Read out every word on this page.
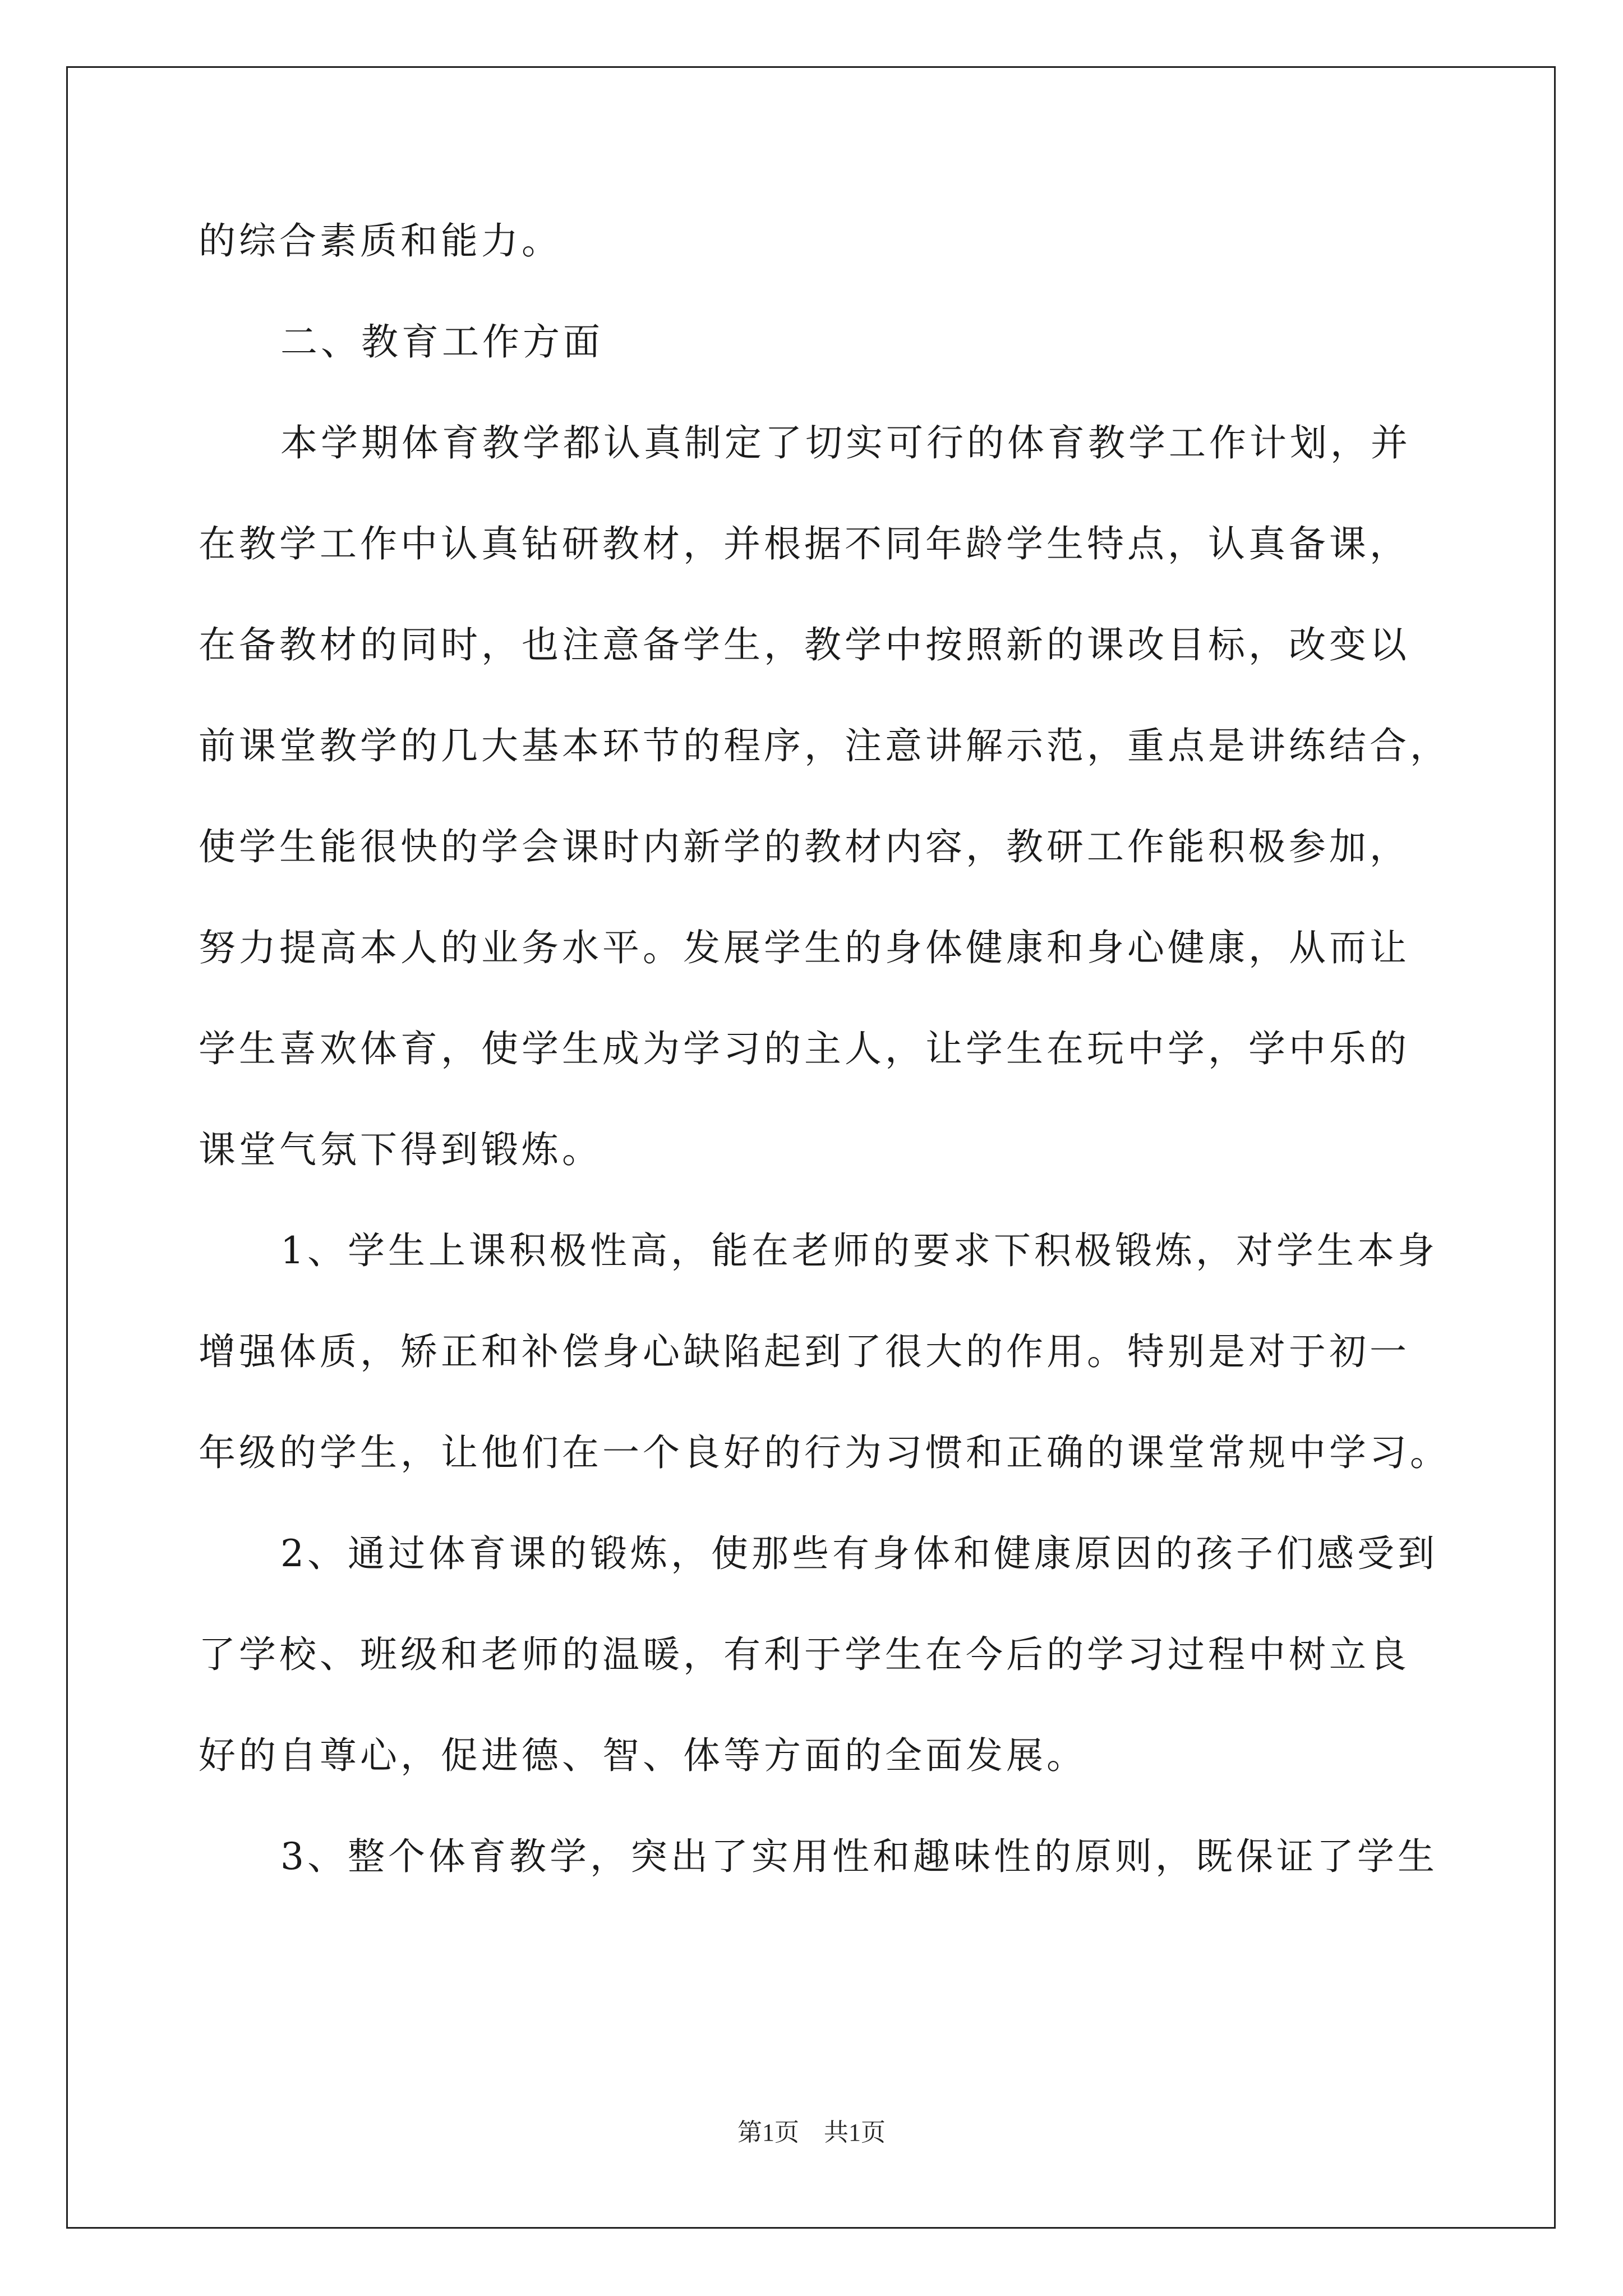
的综合素质和能力。
二、教育工作方面
本学期体育教学都认真制定了切实可行的体育教学工作计划，并
在教学工作中认真钻研教材，并根据不同年龄学生特点，认真备课，
在备教材的同时，也注意备学生，教学中按照新的课改目标，改变以
前课堂教学的几大基本环节的程序，注意讲解示范，重点是讲练结合，
使学生能很快的学会课时内新学的教材内容，教研工作能积极参加，
努力提高本人的业务水平。发展学生的身体健康和身心健康，从而让
学生喜欢体育，使学生成为学习的主人，让学生在玩中学，学中乐的
课堂气氛下得到锻炼。
1、学生上课积极性高，能在老师的要求下积极锻炼，对学生本身
增强体质，矫正和补偿身心缺陷起到了很大的作用。特别是对于初一
年级的学生，让他们在一个良好的行为习惯和正确的课堂常规中学习。
2、通过体育课的锻炼，使那些有身体和健康原因的孩子们感受到
了学校、班级和老师的温暖，有利于学生在今后的学习过程中树立良
好的自尊心，促进德、智、体等方面的全面发展。
3、整个体育教学，突出了实用性和趣味性的原则，既保证了学生
第1页 共1页
